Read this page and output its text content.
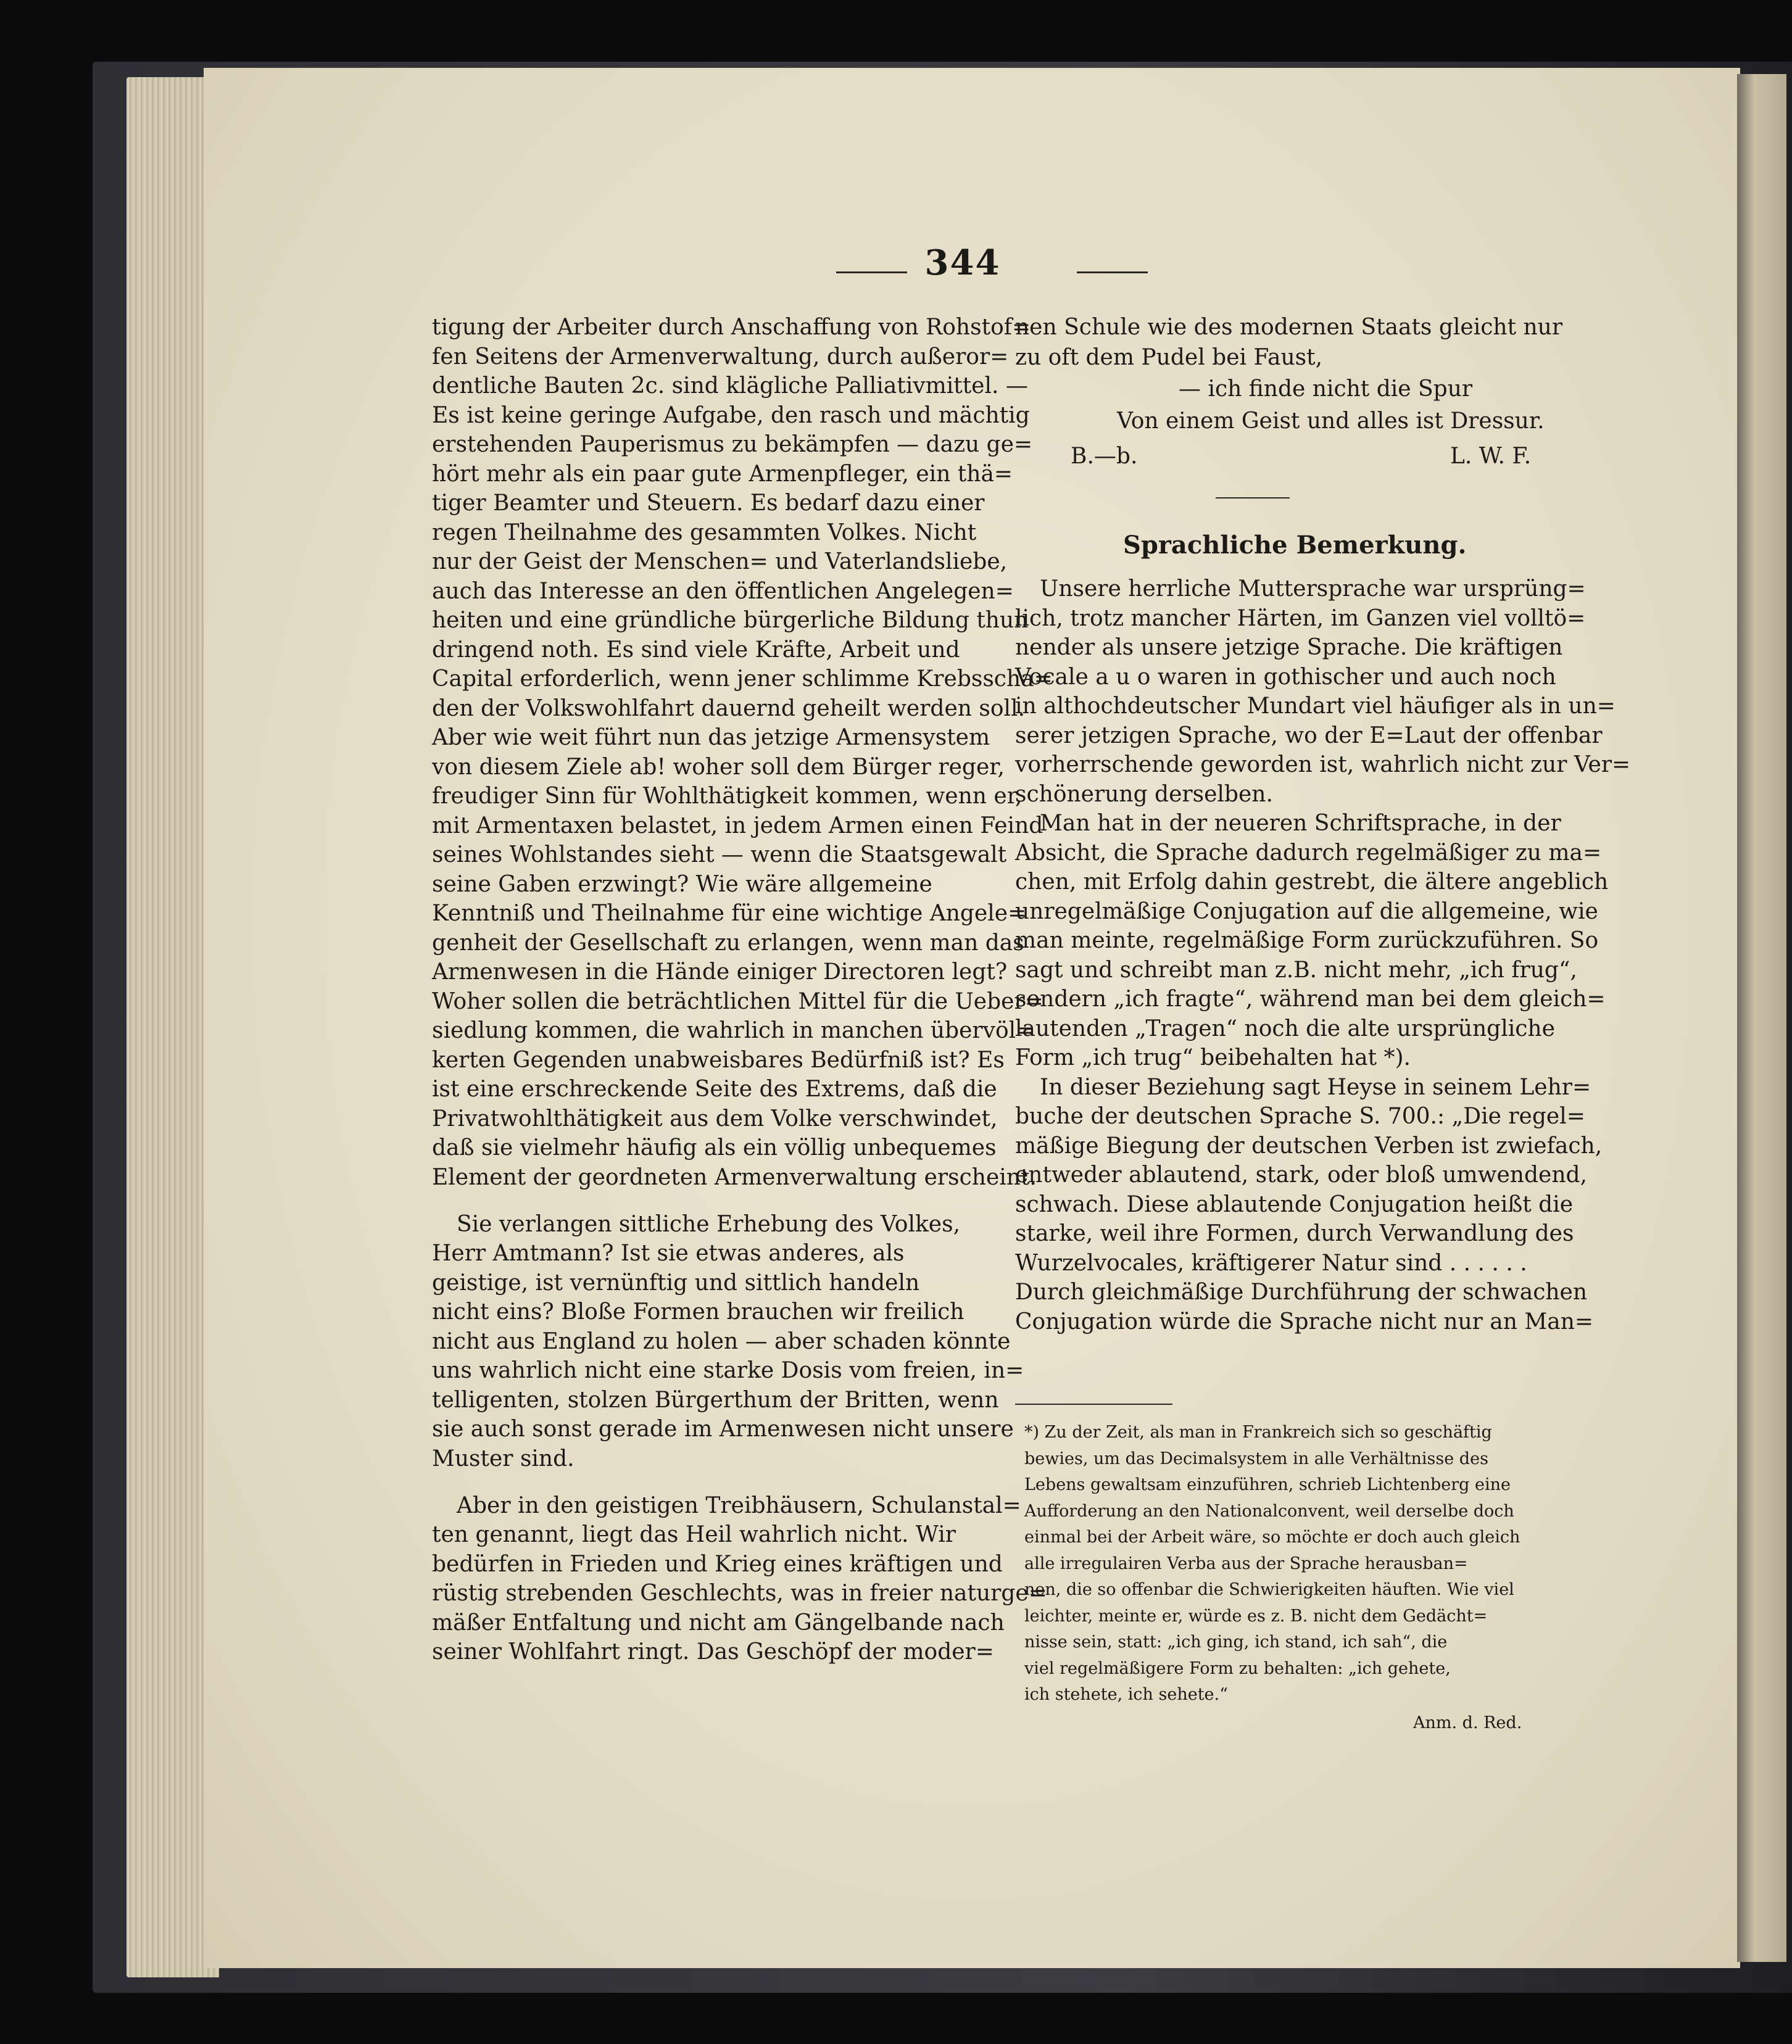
344
B.—b.	L. W. F.
Sprachliche Bemerkung.
Anm. d. Red.
tigung der Arbeiter durch Anschaffung von Rohstof=
fen Seitens der Armenverwaltung, durch außeror=
dentliche Bauten 2c. sind klägliche Palliativmittel. —
Es ist keine geringe Aufgabe, den rasch und mächtig
erstehenden Pauperismus zu bekämpfen — dazu ge=
hört mehr als ein paar gute Armenpfleger, ein thä=
tiger Beamter und Steuern. Es bedarf dazu einer
regen Theilnahme des gesammten Volkes. Nicht
nur der Geist der Menschen= und Vaterlandsliebe,
auch das Interesse an den öffentlichen Angelegen=
heiten und eine gründliche bürgerliche Bildung thun
dringend noth. Es sind viele Kräfte, Arbeit und
Capital erforderlich, wenn jener schlimme Krebsscha=
den der Volkswohlfahrt dauernd geheilt werden soll.
Aber wie weit führt nun das jetzige Armensystem
von diesem Ziele ab! woher soll dem Bürger reger,
freudiger Sinn für Wohlthätigkeit kommen, wenn er,
mit Armentaxen belastet, in jedem Armen einen Feind
seines Wohlstandes sieht — wenn die Staatsgewalt
seine Gaben erzwingt? Wie wäre allgemeine
Kenntniß und Theilnahme für eine wichtige Angele=
genheit der Gesellschaft zu erlangen, wenn man das
Armenwesen in die Hände einiger Directoren legt?
Woher sollen die beträchtlichen Mittel für die Ueber=
siedlung kommen, die wahrlich in manchen übervöl=
kerten Gegenden unabweisbares Bedürfniß ist? Es
ist eine erschreckende Seite des Extrems, daß die
Privatwohlthätigkeit aus dem Volke verschwindet,
daß sie vielmehr häufig als ein völlig unbequemes
Element der geordneten Armenverwaltung erscheint.
Sie verlangen sittliche Erhebung des Volkes,
Herr Amtmann? Ist sie etwas anderes, als
geistige, ist vernünftig und sittlich handeln
nicht eins? Bloße Formen brauchen wir freilich
nicht aus England zu holen — aber schaden könnte
uns wahrlich nicht eine starke Dosis vom freien, in=
telligenten, stolzen Bürgerthum der Britten, wenn
sie auch sonst gerade im Armenwesen nicht unsere
Muster sind.
Aber in den geistigen Treibhäusern, Schulanstal=
ten genannt, liegt das Heil wahrlich nicht. Wir
bedürfen in Frieden und Krieg eines kräftigen und
rüstig strebenden Geschlechts, was in freier naturge=
mäßer Entfaltung und nicht am Gängelbande nach
seiner Wohlfahrt ringt. Das Geschöpf der moder=
nen Schule wie des modernen Staats gleicht nur
zu oft dem Pudel bei Faust,
— ich finde nicht die Spur
Von einem Geist und alles ist Dressur.
Unsere herrliche Muttersprache war ursprüng=
lich, trotz mancher Härten, im Ganzen viel volltö=
nender als unsere jetzige Sprache. Die kräftigen
Vocale a u o waren in gothischer und auch noch
in althochdeutscher Mundart viel häufiger als in un=
serer jetzigen Sprache, wo der E=Laut der offenbar
vorherrschende geworden ist, wahrlich nicht zur Ver=
schönerung derselben.
Man hat in der neueren Schriftsprache, in der
Absicht, die Sprache dadurch regelmäßiger zu ma=
chen, mit Erfolg dahin gestrebt, die ältere angeblich
unregelmäßige Conjugation auf die allgemeine, wie
man meinte, regelmäßige Form zurückzuführen. So
sagt und schreibt man z.B. nicht mehr, „ich frug“,
sondern „ich fragte“, während man bei dem gleich=
lautenden „Tragen“ noch die alte ursprüngliche
Form „ich trug“ beibehalten hat *).
In dieser Beziehung sagt Heyse in seinem Lehr=
buche der deutschen Sprache S. 700.: „Die regel=
mäßige Biegung der deutschen Verben ist zwiefach,
entweder ablautend, stark, oder bloß umwendend,
schwach. Diese ablautende Conjugation heißt die
starke, weil ihre Formen, durch Verwandlung des
Wurzelvocales, kräftigerer Natur sind . . . . . .
Durch gleichmäßige Durchführung der schwachen
Conjugation würde die Sprache nicht nur an Man=
*) Zu der Zeit, als man in Frankreich sich so geschäftig
bewies, um das Decimalsystem in alle Verhältnisse des
Lebens gewaltsam einzuführen, schrieb Lichtenberg eine
Aufforderung an den Nationalconvent, weil derselbe doch
einmal bei der Arbeit wäre, so möchte er doch auch gleich
alle irregulairen Verba aus der Sprache herausban=
nen, die so offenbar die Schwierigkeiten häuften. Wie viel
leichter, meinte er, würde es z. B. nicht dem Gedächt=
nisse sein, statt: „ich ging, ich stand, ich sah“, die
viel regelmäßigere Form zu behalten: „ich gehete,
ich stehete, ich sehete.“
